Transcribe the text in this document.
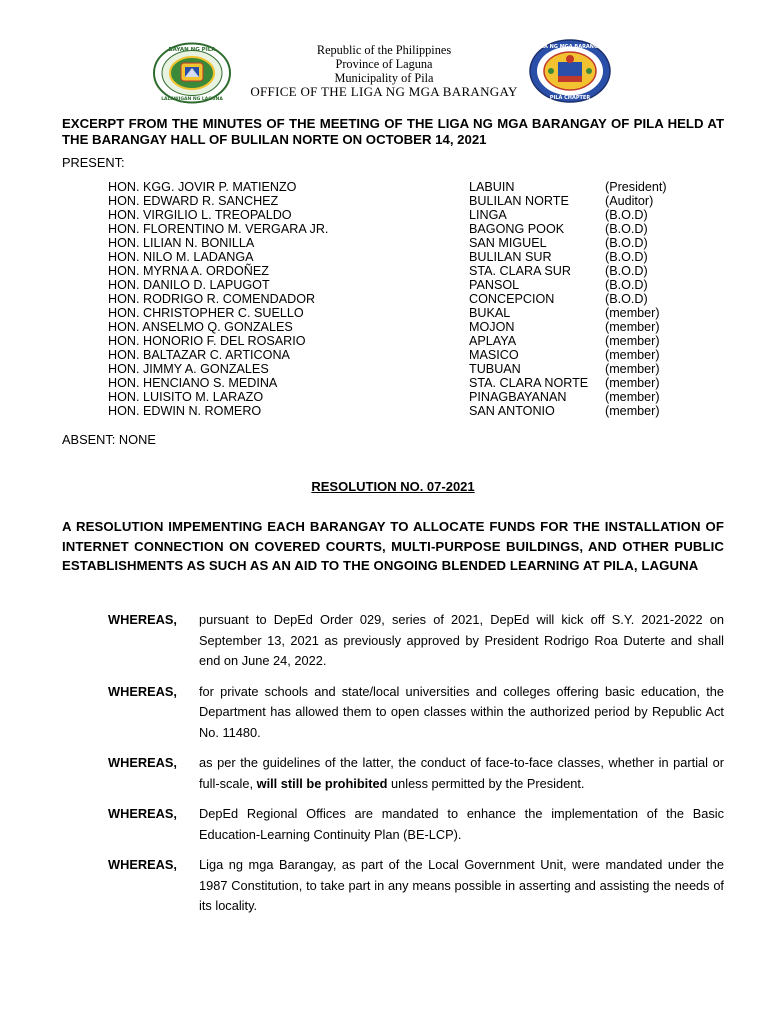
BAYAN NG PILA
LALAWIGAN NG LAGUNA
Republic of the Philippines
Province of Laguna
Municipality of Pila
OFFICE OF THE LIGA NG MGA BARANGAY
LIGA NG MGA BARANGAY
PILA CHAPTER
EXCERPT FROM THE MINUTES OF THE MEETING OF THE LIGA NG MGA BARANGAY OF PILA HELD AT THE BARANGAY HALL OF BULILAN NORTE ON OCTOBER 14, 2021
PRESENT:
HON. KGG. JOVIR P. MATIENZO	LABUIN	(President)
HON. EDWARD R. SANCHEZ	BULILAN NORTE	(Auditor)
HON. VIRGILIO L. TREOPALDO	LINGA	(B.O.D)
HON. FLORENTINO M. VERGARA JR.	BAGONG POOK	(B.O.D)
HON. LILIAN N. BONILLA	SAN MIGUEL	(B.O.D)
HON. NILO M. LADANGA	BULILAN SUR	(B.O.D)
HON. MYRNA A. ORDOÑEZ	STA. CLARA SUR	(B.O.D)
HON. DANILO D. LAPUGOT	PANSOL	(B.O.D)
HON. RODRIGO R. COMENDADOR	CONCEPCION	(B.O.D)
HON. CHRISTOPHER C. SUELLO	BUKAL	(member)
HON. ANSELMO Q. GONZALES	MOJON	(member)
HON. HONORIO F. DEL ROSARIO	APLAYA	(member)
HON. BALTAZAR C. ARTICONA	MASICO	(member)
HON. JIMMY A. GONZALES	TUBUAN	(member)
HON. HENCIANO S. MEDINA	STA. CLARA NORTE (member)
HON. LUISITO M. LARAZO	PINAGBAYANAN	(member)
HON. EDWIN N. ROMERO	SAN ANTONIO	(member)
ABSENT: NONE
RESOLUTION NO. 07-2021
A RESOLUTION IMPEMENTING EACH BARANGAY TO ALLOCATE FUNDS FOR THE INSTALLATION OF INTERNET CONNECTION ON COVERED COURTS, MULTI-PURPOSE BUILDINGS, AND OTHER PUBLIC ESTABLISHMENTS AS SUCH AS AN AID TO THE ONGOING BLENDED LEARNING AT PILA, LAGUNA
WHEREAS, pursuant to DepEd Order 029, series of 2021, DepEd will kick off S.Y. 2021-2022 on September 13, 2021 as previously approved by President Rodrigo Roa Duterte and shall end on June 24, 2022.
WHEREAS, for private schools and state/local universities and colleges offering basic education, the Department has allowed them to open classes within the authorized period by Republic Act No. 11480.
WHEREAS, as per the guidelines of the latter, the conduct of face-to-face classes, whether in partial or full-scale, will still be prohibited unless permitted by the President.
WHEREAS, DepEd Regional Offices are mandated to enhance the implementation of the Basic Education-Learning Continuity Plan (BE-LCP).
WHEREAS, Liga ng mga Barangay, as part of the Local Government Unit, were mandated under the 1987 Constitution, to take part in any means possible in asserting and assisting the needs of its locality.
